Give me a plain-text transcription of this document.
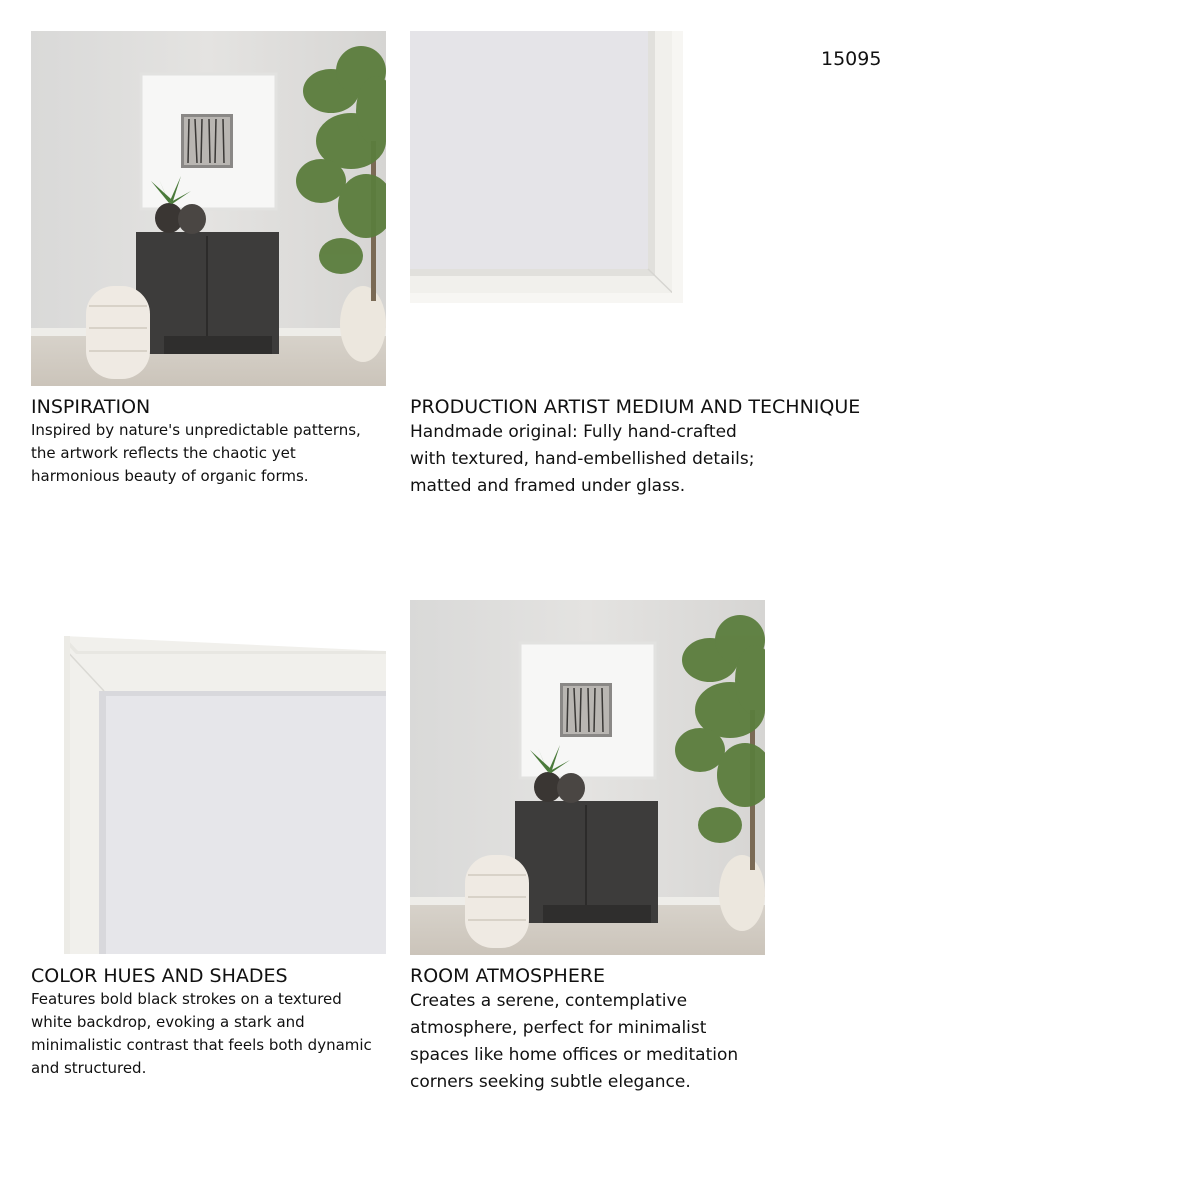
15095
INSPIRATION

Inspired by nature's unpredictable patterns,
the artwork reflects the chaotic yet
harmonious beauty of organic forms.

PRODUCTION ARTIST MEDIUM AND TECHNIQUE

Handmade original: Fully hand-crafted
with textured, hand-embellished details;
matted and framed under glass.

COLOR HUES AND SHADES

Features bold black strokes on a textured
white backdrop, evoking a stark and
minimalistic contrast that feels both dynamic
and structured.

ROOM ATMOSPHERE

Creates a serene, contemplative
atmosphere, perfect for minimalist
spaces like home offices or meditation
corners seeking subtle elegance.
